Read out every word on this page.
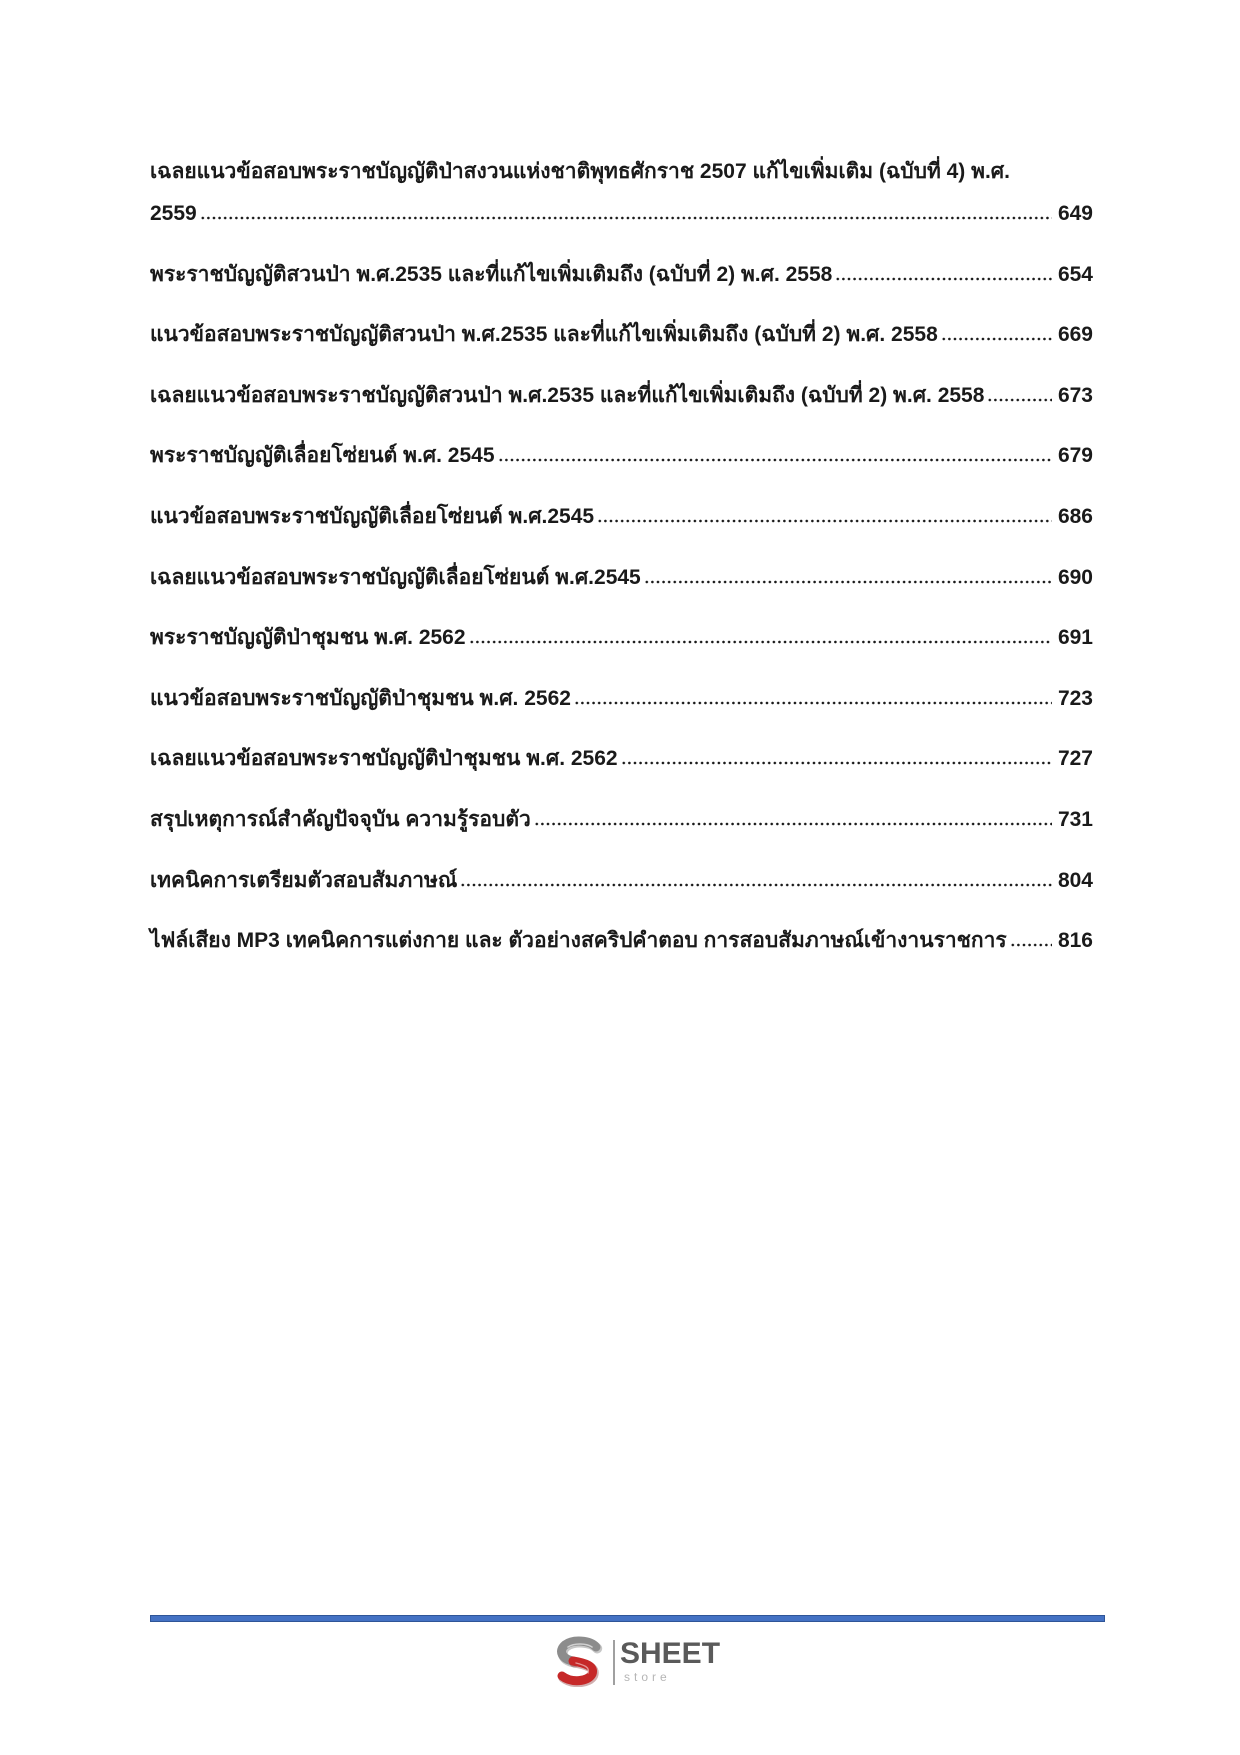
เฉลยแนวข้อสอบพระราชบัญญัติป่าสงวนแห่งชาติพุทธศักราช 2507 แก้ไขเพิ่มเติม (ฉบับที่ 4) พ.ศ.
2559	649
พระราชบัญญัติสวนป่า พ.ศ.2535 และที่แก้ไขเพิ่มเติมถึง (ฉบับที่ 2) พ.ศ. 2558	654
แนวข้อสอบพระราชบัญญัติสวนป่า พ.ศ.2535 และที่แก้ไขเพิ่มเติมถึง (ฉบับที่ 2) พ.ศ. 2558	669
เฉลยแนวข้อสอบพระราชบัญญัติสวนป่า พ.ศ.2535 และที่แก้ไขเพิ่มเติมถึง (ฉบับที่ 2) พ.ศ. 2558	673
พระราชบัญญัติเลื่อยโซ่ยนต์ พ.ศ. 2545	679
แนวข้อสอบพระราชบัญญัติเลื่อยโซ่ยนต์ พ.ศ.2545	686
เฉลยแนวข้อสอบพระราชบัญญัติเลื่อยโซ่ยนต์ พ.ศ.2545	690
พระราชบัญญัติป่าชุมชน พ.ศ. 2562	691
แนวข้อสอบพระราชบัญญัติป่าชุมชน พ.ศ. 2562	723
เฉลยแนวข้อสอบพระราชบัญญัติป่าชุมชน พ.ศ. 2562	727
สรุปเหตุการณ์สำคัญปัจจุบัน ความรู้รอบตัว	731
เทคนิคการเตรียมตัวสอบสัมภาษณ์	804
ไฟล์เสียง MP3 เทคนิคการแต่งกาย และ ตัวอย่างสคริปคำตอบ การสอบสัมภาษณ์เข้างานราชการ 816
SHEET
store
